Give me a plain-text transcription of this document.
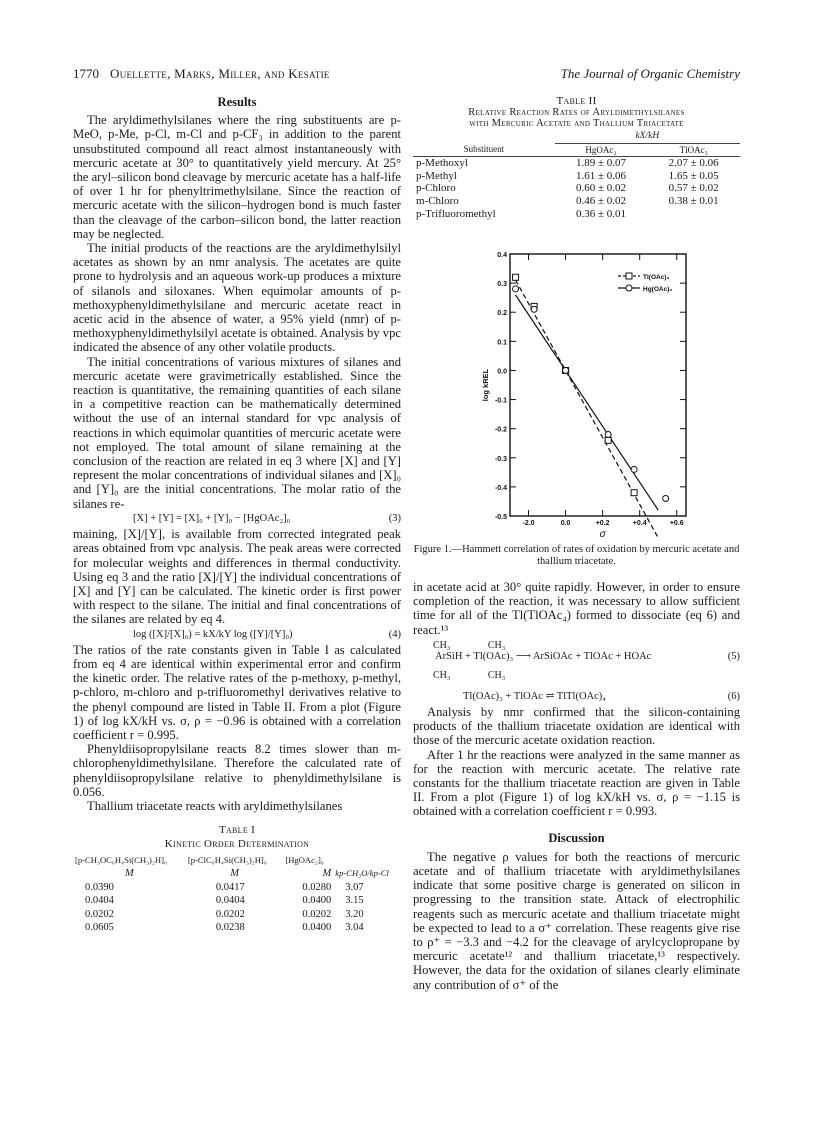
1770 Ouellette, Marks, Miller, and Kesatie	The Journal of Organic Chemistry
Results

The aryldimethylsilanes where the ring substituents are p-MeO, p-Me, p-Cl, m-Cl and p-CF₃ in addition to the parent unsubstituted compound all react almost instantaneously with mercuric acetate at 30° to quantitatively yield mercury. At 25° the aryl–silicon bond cleavage by mercuric acetate has a half-life of over 1 hr for phenyltrimethylsilane. Since the reaction of mercuric acetate with the silicon–hydrogen bond is much faster than the cleavage of the carbon–silicon bond, the latter reaction may be neglected.

The initial products of the reactions are the aryldimethylsilyl acetates as shown by an nmr analysis. The acetates are quite prone to hydrolysis and an aqueous work-up produces a mixture of silanols and siloxanes. When equimolar amounts of p-methoxyphenyldimethylsilane and mercuric acetate react in acetic acid in the absence of water, a 95% yield (nmr) of p-methoxyphenyldimethylsilyl acetate is obtained. Analysis by vpc indicated the absence of any other volatile products.

The initial concentrations of various mixtures of silanes and mercuric acetate were gravimetrically established. Since the reaction is quantitative, the remaining quantities of each silane in a competitive reaction can be mathematically determined without the use of an internal standard for vpc analysis of reactions in which equimolar quantities of mercuric acetate were not employed. The total amount of silane remaining at the conclusion of the reaction are related in eq 3 where [X] and [Y] represent the molar concentrations of individual silanes and [X]₀ and [Y]₀ are the initial concentrations. The molar ratio of the silanes re-

[X] + [Y] = [X]₀ + [Y]₀ − [HgOAc₂]₀	(3)

maining, [X]/[Y], is available from corrected integrated peak areas obtained from vpc analysis. The peak areas were corrected for molecular weights and differences in thermal conductivity. Using eq 3 and the ratio [X]/[Y] the individual concentrations of [X] and [Y] can be calculated. The kinetic order is first power with respect to the silane. The initial and final concentrations of the silanes are related by eq 4.

log ([X]/[X]₀) = kX/kY log ([Y]/[Y]₀)	(4)

The ratios of the rate constants given in Table I as calculated from eq 4 are identical within experimental error and confirm the kinetic order. The relative rates of the p-methoxy, p-methyl, p-chloro, m-chloro and p-trifluoromethyl derivatives relative to the phenyl compound are listed in Table II. From a plot (Figure 1) of log kX/kH vs. σ, ρ = −0.96 is obtained with a correlation coefficient r = 0.995.

Phenyldiisopropylsilane reacts 8.2 times slower than m-chlorophenyldimethylsilane. Therefore the calculated rate of phenyldiisopropylsilane relative to phenyldimethylsilane is 0.056.

Thallium triacetate reacts with aryldimethylsilanes

Table I
Kinetic Order Determination
[p-CH₃OC₆H₄Si(CH₃)₂H]₀	[p-ClC₆H₄Si(CH₃)₂H]₀	[HgOAc₂]₀	
M	M	M	kp-CH₃O/kp-Cl
0.0390	0.0417	0.0280	3.07
0.0404	0.0404	0.0400	3.15
0.0202	0.0202	0.0202	3.20
0.0605	0.0238	0.0400	3.04
Table II
Relative Reaction Rates of Aryldimethylsilanes
with Mercuric Acetate and Thallium Triacetate
	kX/kH	
Substituent	HgOAc₂	TlOAc₃

p-Methoxyl	1.89 ± 0.07	2.07 ± 0.06
p-Methyl	1.61 ± 0.06	1.65 ± 0.05
p-Chloro	0.60 ± 0.02	0.57 ± 0.02
m-Chloro	0.46 ± 0.02	0.38 ± 0.01
p-Trifluoromethyl	0.36 ± 0.01	
0.4
0.3
0.2
0.1
0.0
-0.1
-0.2
-0.3
-0.4
-0.5
-2.0	0.0	+0.2	+0.4	+0.6
σ
log kREL
Tl(OAc)₃
Hg(OAc)₂
Figure 1.—Hammett correlation of rates of oxidation by mercuric acetate and thallium triacetate.

in acetate acid at 30° quite rapidly. However, in order to ensure completion of the reaction, it was necessary to allow sufficient time for all of the Tl(TlOAc₄) formed to dissociate (eq 6) and react.¹³

CH₃               CH₃
ArSiH + Tl(OAc)₃ ⟶ ArSiOAc + TlOAc + HOAc
CH₃               CH₃
(5)
Tl(OAc)₃ + TlOAc ⇌ TlTl(OAc)₄	(6)

Analysis by nmr confirmed that the silicon-containing products of the thallium triacetate oxidation are identical with those of the mercuric acetate oxidation reaction.

After 1 hr the reactions were analyzed in the same manner as for the reaction with mercuric acetate. The relative rate constants for the thallium triacetate reaction are given in Table II. From a plot (Figure 1) of log kX/kH vs. σ, ρ = −1.15 is obtained with a correlation coefficient r = 0.993.

Discussion

The negative ρ values for both the reactions of mercuric acetate and of thallium triacetate with aryldimethylsilanes indicate that some positive charge is generated on silicon in progressing to the transition state. Attack of electrophilic reagents such as mercuric acetate and thallium triacetate might be expected to lead to a σ⁺ correlation. These reagents give rise to ρ⁺ = −3.3 and −4.2 for the cleavage of arylcyclopropane by mercuric acetate¹² and thallium triacetate,¹³ respectively. However, the data for the oxidation of silanes clearly eliminate any contribution of σ⁺ of the
